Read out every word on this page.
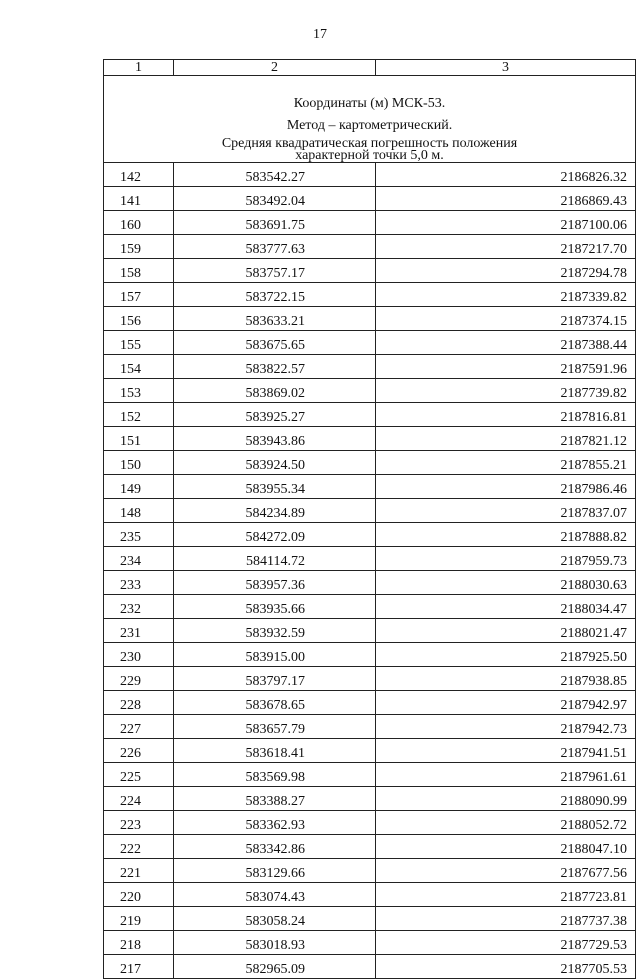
17
1	2	3

Координаты (м) МСК-53.
Метод – картометрический.
Средняя квадратическая погрешность положения
характерной точки 5,0 м.		

142	583542.27	2186826.32
141	583492.04	2186869.43
160	583691.75	2187100.06
159	583777.63	2187217.70
158	583757.17	2187294.78
157	583722.15	2187339.82
156	583633.21	2187374.15
155	583675.65	2187388.44
154	583822.57	2187591.96
153	583869.02	2187739.82
152	583925.27	2187816.81
151	583943.86	2187821.12
150	583924.50	2187855.21
149	583955.34	2187986.46
148	584234.89	2187837.07
235	584272.09	2187888.82
234	584114.72	2187959.73
233	583957.36	2188030.63
232	583935.66	2188034.47
231	583932.59	2188021.47
230	583915.00	2187925.50
229	583797.17	2187938.85
228	583678.65	2187942.97
227	583657.79	2187942.73
226	583618.41	2187941.51
225	583569.98	2187961.61
224	583388.27	2188090.99
223	583362.93	2188052.72
222	583342.86	2188047.10
221	583129.66	2187677.56
220	583074.43	2187723.81
219	583058.24	2187737.38
218	583018.93	2187729.53
217	582965.09	2187705.53
